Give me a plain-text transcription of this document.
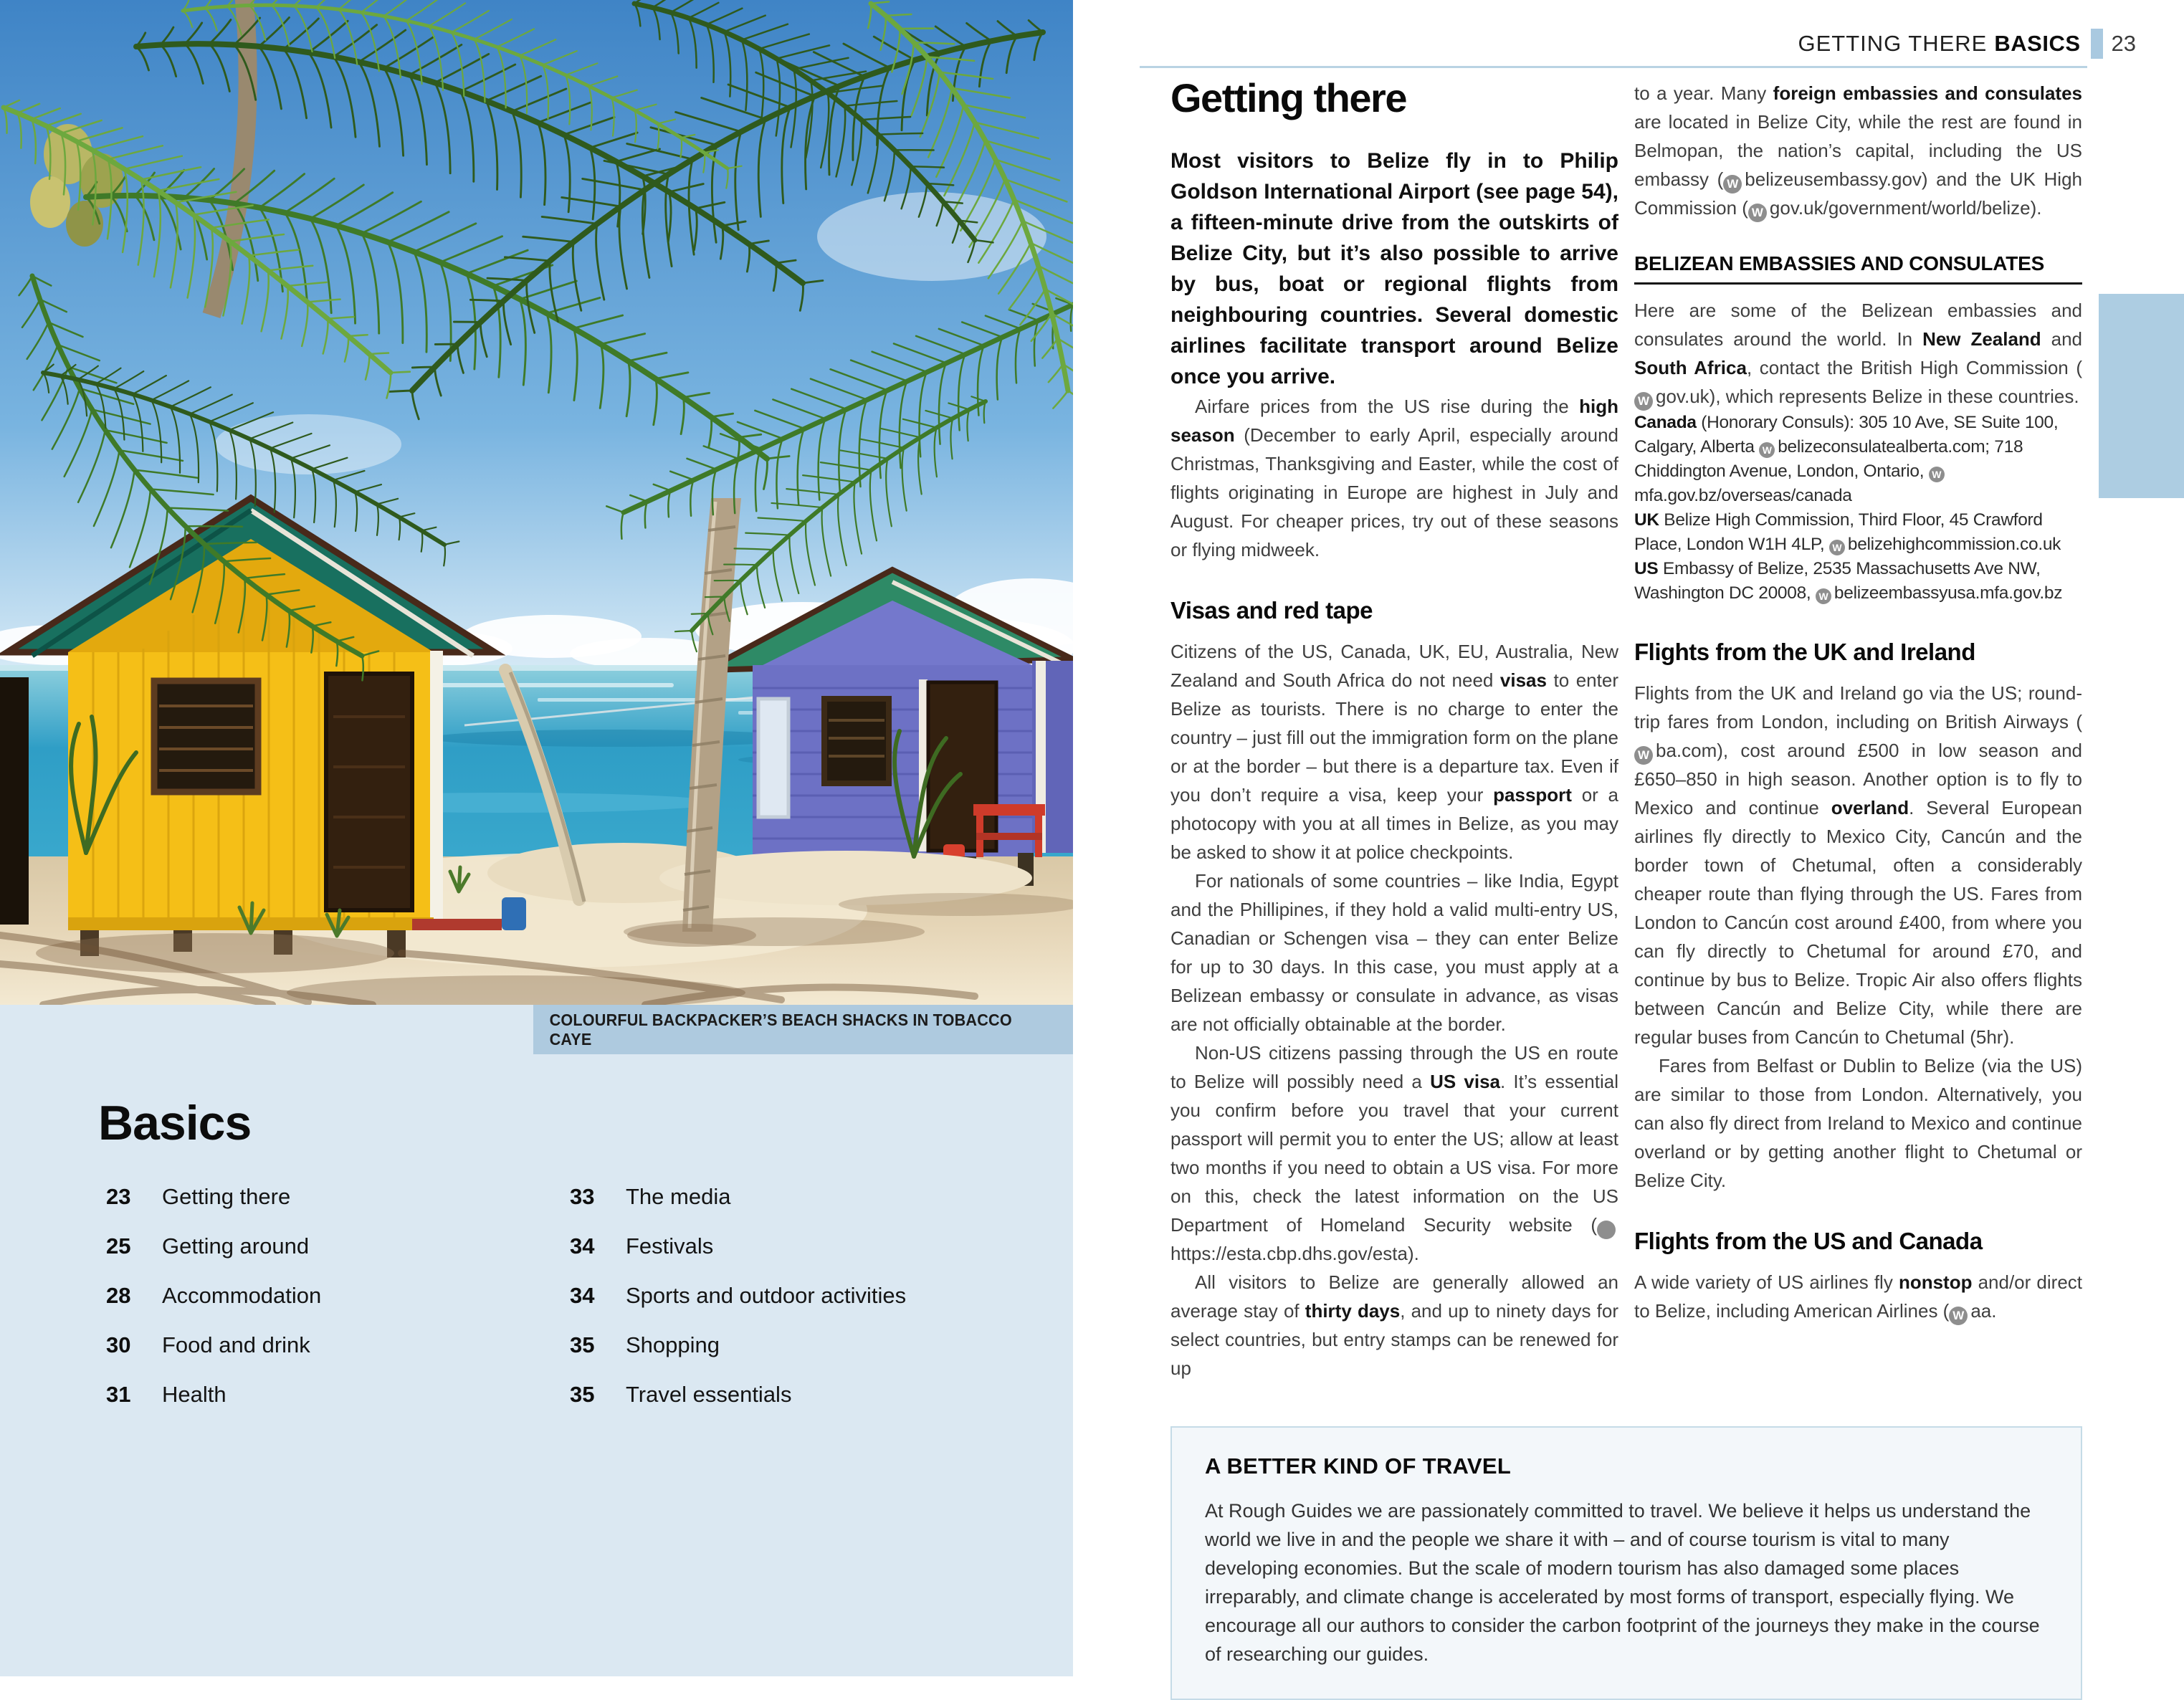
COLOURFUL BACKPACKER’S BEACH SHACKS IN TOBACCO CAYE
Basics
23	Getting there
25	Getting around
28	Accommodation
30	Food and drink
31	Health
33	The media
34	Festivals
34	Sports and outdoor activities
35	Shopping
35	Travel essentials
GETTING THERE BASICS 23
Getting there

Most visitors to Belize fly in to Philip Goldson International Airport (see page 54), a fifteen-minute drive from the outskirts of Belize City, but it’s also possible to arrive by bus, boat or regional flights from neighbouring countries. Several domestic airlines facilitate transport around Belize once you arrive.

Airfare prices from the US rise during the high season (December to early April, especially around Christmas, Thanksgiving and Easter, while the cost of flights originating in Europe are highest in July and August. For cheaper prices, try out of these seasons or flying midweek.

Visas and red tape

Citizens of the US, Canada, UK, EU, Australia, New Zealand and South Africa do not need visas to enter Belize as tourists. There is no charge to enter the country – just fill out the immigration form on the plane or at the border – but there is a departure tax. Even if you don’t require a visa, keep your passport or a photocopy with you at all times in Belize, as you may be asked to show it at police checkpoints.

For nationals of some countries – like India, Egypt and the Phillipines, if they hold a valid multi-entry US, Canadian or Schengen visa – they can enter Belize for up to 30 days. In this case, you must apply at a Belizean embassy or consulate in advance, as visas are not officially obtainable at the border.

Non-US citizens passing through the US en route to Belize will possibly need a US visa. It’s essential you confirm before you travel that your current passport will permit you to enter the US; allow at least two months if you need to obtain a US visa. For more on this, check the latest information on the US Department of Homeland Security website ( Whttps://esta.cbp.dhs.gov/esta).

All visitors to Belize are generally allowed an average stay of thirty days, and up to ninety days for select countries, but entry stamps can be renewed for up

to a year. Many foreign embassies and consulates are located in Belize City, while the rest are found in Belmopan, the nation’s capital, including the US embassy ( W belizeusembassy.gov) and the UK High Commission ( W gov.uk/government/world/belize).

BELIZEAN EMBASSIES AND CONSULATES

Here are some of the Belizean embassies and consulates around the world. In New Zealand and South Africa, contact the British High Commission (W gov.uk), which represents Belize in these countries.

Canada (Honorary Consuls): 305 10 Ave, SE Suite 100, Calgary, Alberta W belizeconsulatealberta.com; 718 Chiddington Avenue, London, Ontario, Wmfa.gov.bz/overseas/canada

UK Belize High Commission, Third Floor, 45 Crawford Place, London W1H 4LP, W belizehighcommission.co.uk

US Embassy of Belize, 2535 Massachusetts Ave NW, Washington DC 20008, W belizeembassyusa.mfa.gov.bz

Flights from the UK and Ireland

Flights from the UK and Ireland go via the US; round-trip fares from London, including on British Airways (W ba.com), cost around £500 in low season and £650–850 in high season. Another option is to fly to Mexico and continue overland. Several European airlines fly directly to Mexico City, Cancún and the border town of Chetumal, often a considerably cheaper route than flying through the US. Fares from London to Cancún cost around £400, from where you can fly directly to Chetumal for around £70, and continue by bus to Belize. Tropic Air also offers flights between Cancún and Belize City, while there are regular buses from Cancún to Chetumal (5hr).

Fares from Belfast or Dublin to Belize (via the US) are similar to those from London. Alternatively, you can also fly direct from Ireland to Mexico and continue overland or by getting another flight to Chetumal or Belize City.

Flights from the US and Canada

A wide variety of US airlines fly nonstop and/or direct to Belize, including American Airlines ( W aa.

A BETTER KIND OF TRAVEL

At Rough Guides we are passionately committed to travel. We believe it helps us understand the world we live in and the people we share it with – and of course tourism is vital to many developing economies. But the scale of modern tourism has also damaged some places irreparably, and climate change is accelerated by most forms of transport, especially flying. We encourage all our authors to consider the carbon footprint of the journeys they make in the course of researching our guides.
